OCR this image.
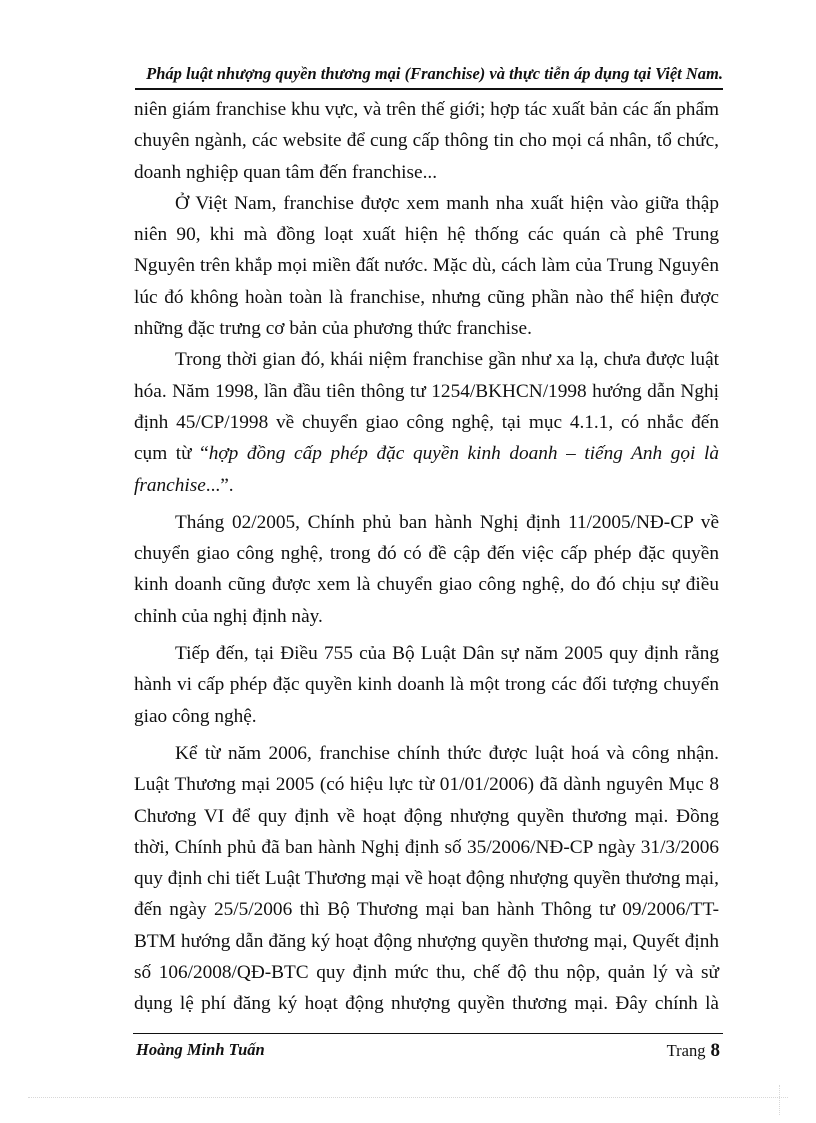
Pháp luật nhượng quyền thương mại (Franchise) và thực tiễn áp dụng tại Việt Nam.
niên giám franchise khu vực, và trên thế giới; hợp tác xuất bản các ấn phẩm
chuyên ngành, các website để cung cấp thông tin cho mọi cá nhân, tổ chức,
doanh nghiệp quan tâm đến franchise...
Ở Việt Nam, franchise được xem manh nha xuất hiện vào giữa thập
niên 90, khi mà đồng loạt xuất hiện hệ thống các quán cà phê Trung
Nguyên trên khắp mọi miền đất nước. Mặc dù, cách làm của Trung Nguyên
lúc đó không hoàn toàn là franchise, nhưng cũng phần nào thể hiện được
những đặc trưng cơ bản của phương thức franchise.
Trong thời gian đó, khái niệm franchise gần như xa lạ, chưa được luật
hóa. Năm 1998, lần đầu tiên thông tư 1254/BKHCN/1998 hướng dẫn Nghị
định 45/CP/1998 về chuyển giao công nghệ, tại mục 4.1.1, có nhắc đến
cụm từ “hợp đồng cấp phép đặc quyền kinh doanh – tiếng Anh gọi là
franchise...”.
Tháng 02/2005, Chính phủ ban hành Nghị định 11/2005/NĐ-CP về
chuyển giao công nghệ, trong đó có đề cập đến việc cấp phép đặc quyền
kinh doanh cũng được xem là chuyển giao công nghệ, do đó chịu sự điều
chỉnh của nghị định này.
Tiếp đến, tại Điều 755 của Bộ Luật Dân sự năm 2005 quy định rằng
hành vi cấp phép đặc quyền kinh doanh là một trong các đối tượng chuyển
giao công nghệ.
Kể từ năm 2006, franchise chính thức được luật hoá và công nhận.
Luật Thương mại 2005 (có hiệu lực từ 01/01/2006) đã dành nguyên Mục 8
Chương VI để quy định về hoạt động nhượng quyền thương mại. Đồng
thời, Chính phủ đã ban hành Nghị định số 35/2006/NĐ-CP ngày 31/3/2006
quy định chi tiết Luật Thương mại về hoạt động nhượng quyền thương mại,
đến ngày 25/5/2006 thì Bộ Thương mại ban hành Thông tư 09/2006/TT-
BTM hướng dẫn đăng ký hoạt động nhượng quyền thương mại, Quyết định
số 106/2008/QĐ-BTC quy định mức thu, chế độ thu nộp, quản lý và sử
dụng lệ phí đăng ký hoạt động nhượng quyền thương mại. Đây chính là
Hoàng Minh Tuấn	Trang 8
